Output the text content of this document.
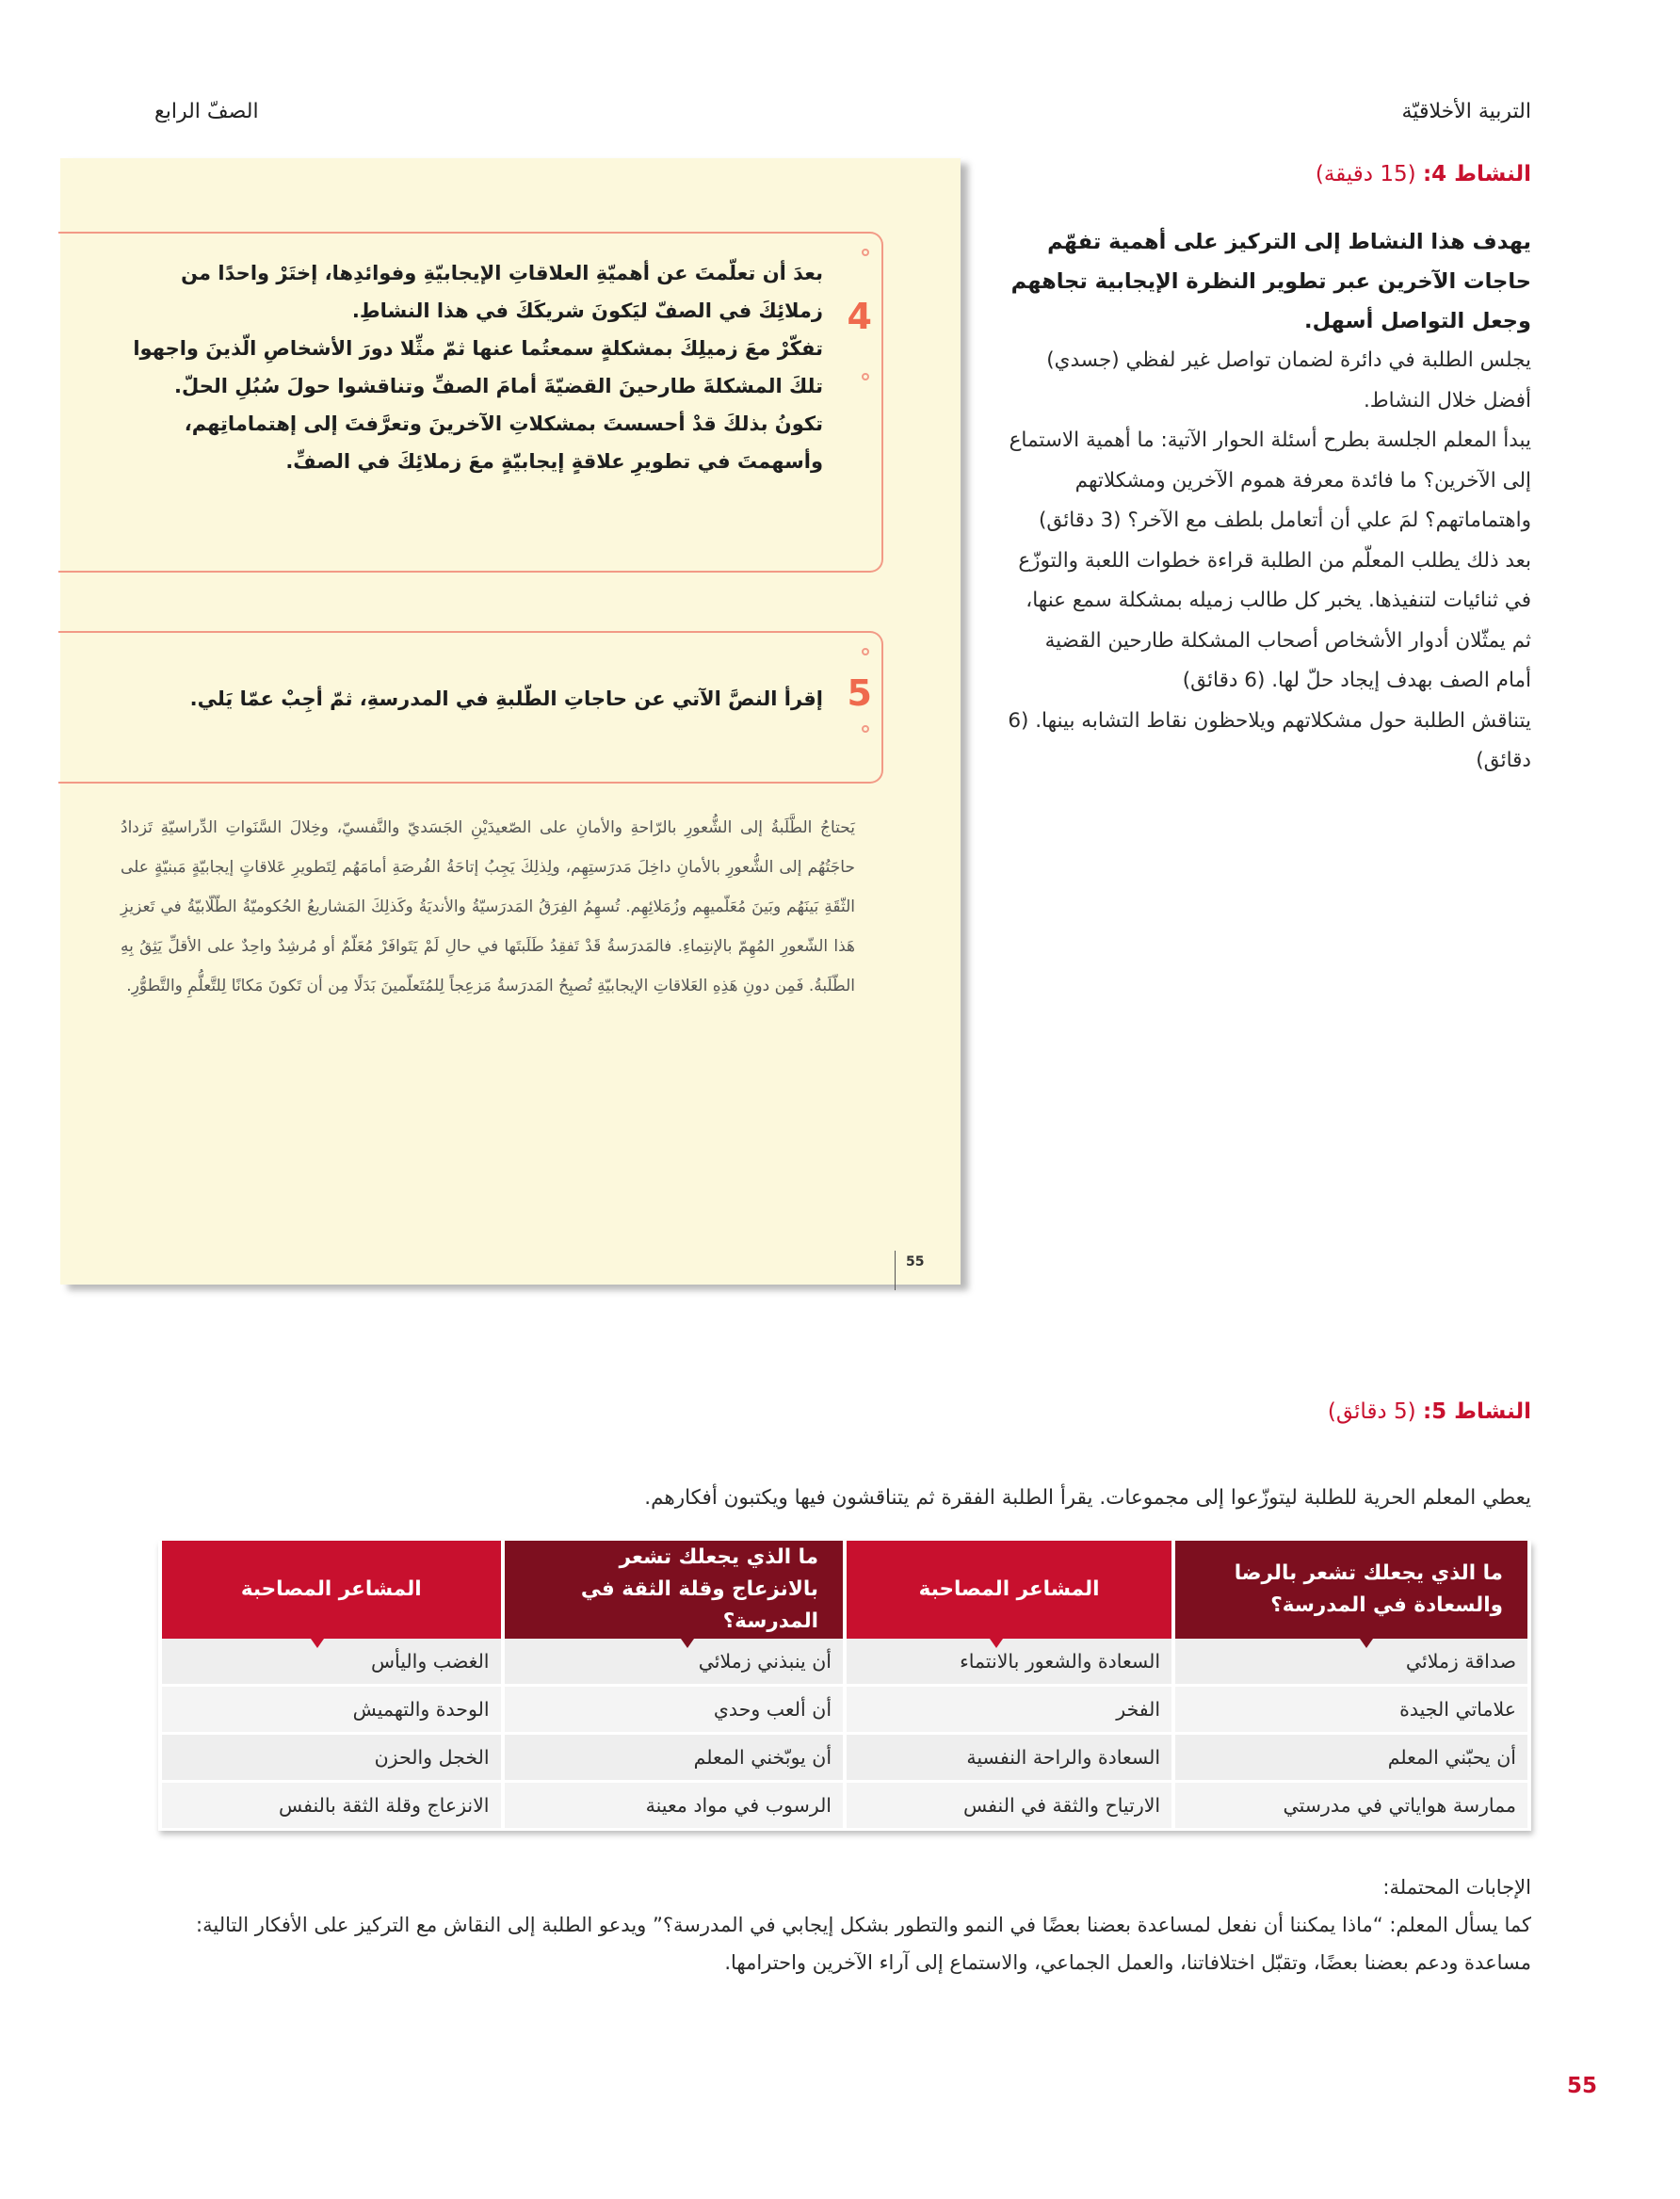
التربية الأخلاقيّة
الصفّ الرابع
النشاط 4: (15 دقيقة)
يهدف هذا النشاط إلى التركيز على أهمية تفهّم حاجات الآخرين عبر تطوير النظرة الإيجابية تجاههم وجعل التواصل أسهل.
يجلس الطلبة في دائرة لضمان تواصل غير لفظي (جسدي) أفضل خلال النشاط.
يبدأ المعلم الجلسة بطرح أسئلة الحوار الآتية: ما أهمية الاستماع إلى الآخرين؟ ما فائدة معرفة هموم الآخرين ومشكلاتهم واهتماماتهم؟ لمَ علي أن أتعامل بلطف مع الآخر؟ (3 دقائق)
بعد ذلك يطلب المعلّم من الطلبة قراءة خطوات اللعبة والتوزّع في ثنائيات لتنفيذها. يخبر كل طالب زميله بمشكلة سمع عنها، ثم يمثّلان أدوار الأشخاص أصحاب المشكلة طارحين القضية أمام الصف بهدف إيجاد حلّ لها. (6 دقائق)
يتناقش الطلبة حول مشكلاتهم ويلاحظون نقاط التشابه بينها. (6 دقائق)
4
بعدَ أن تعلّمتَ عن أهميّةِ العلاقاتِ الإيجابيّةِ وفوائدِها، إختَرْ واحدًا من زملائِكَ في الصفّ ليَكونَ شريكَكَ في هذا النشاطِ.
تفكّرْ معَ زميلِكَ بمشكلةٍ سمعتُما عنها ثمّ مثِّلا دورَ الأشخاصِ الّذينَ واجهوا تلكَ المشكلةَ طارحينَ القضيّةَ أمامَ الصفِّ وتناقشوا حولَ سُبُلِ الحلّ.
تكونُ بذلكَ قدْ أحسستَ بمشكلاتِ الآخرينَ وتعرَّفتَ إلى إهتماماتِهم، وأسهمتَ في تطويرِ علاقةٍ إيجابيّةٍ معَ زملائِكَ في الصفِّ.
5
إقرأ النصَّ الآتي عن حاجاتِ الطّلبةِ في المدرسةِ، ثمّ أجِبْ عمّا يَلي.
يَحتاجُ الطَّلَبةُ إلى الشُّعورِ بالرّاحةِ والأمانِ على الصّعيدَيْنِ الجَسَديّ والنَّفسيّ، وخِلالَ السَّنَواتِ الدِّراسيّةِ تَزدادُ حاجَتُهُم إلى الشُّعورِ بالأمانِ داخِلَ مَدرَستِهِم، ولِذلِكَ يَجِبُ إتاحَةُ الفُرصَةِ أمامَهُم لِتَطويرِ عَلاقاتٍ إيجابيّةٍ مَبنيّةٍ على الثّقَةِ بَينَهُم وبَينَ مُعَلّميهِم وزُمَلائِهِم. تُسهِمُ الفِرَقُ المَدرَسيّةُ والأنديَةُ وكَذلِكَ المَشاريعُ الحُكوميّةُ الطّلّابيّةُ في تَعزيزِ هَذا الشّعورِ المُهِمّ بالإنتِماءِ. فالمَدرَسةُ قَدْ تَفقِدُ طَلَبتَها في حالِ لَمْ يَتَوافَرْ مُعَلّمٌ أو مُرشِدٌ واحِدٌ على الأقلِّ يَثِقُ بِهِ الطّلَبةُ. فَمِن دونِ هَذِهِ العَلاقاتِ الإيجابيّةِ تُصبِحُ المَدرَسةُ مَزعِجاً لِلمُتَعلّمينَ بَدَلًا مِن أن تَكونَ مَكانًا لِلتَّعلُّمِ والتَّطوُّرِ.
55
النشاط 5: (5 دقائق)
يعطي المعلم الحرية للطلبة ليتوزّعوا إلى مجموعات. يقرأ الطلبة الفقرة ثم يتناقشون فيها ويكتبون أفكارهم.
ما الذي يجعلك تشعر بالرضا والسعادة في المدرسة؟	المشاعر المصاحبة	ما الذي يجعلك تشعر بالانزعاج وقلة الثقة في المدرسة؟	المشاعر المصاحبة
صداقة زملائي	السعادة والشعور بالانتماء	أن ينبذني زملائي	الغضب واليأس
علاماتي الجيدة	الفخر	أن ألعب وحدي	الوحدة والتهميش
أن يحبّني المعلم	السعادة والراحة النفسية	أن يوبّخني المعلم	الخجل والحزن
ممارسة هواياتي في مدرستي	الارتياح والثقة في النفس	الرسوب في مواد معينة	الانزعاج وقلة الثقة بالنفس
الإجابات المحتملة:
كما يسأل المعلم: “ماذا يمكننا أن نفعل لمساعدة بعضنا بعضًا في النمو والتطور بشكل إيجابي في المدرسة؟” ويدعو الطلبة إلى النقاش مع التركيز على الأفكار التالية: مساعدة ودعم بعضنا بعضًا، وتقبّل اختلافاتنا، والعمل الجماعي، والاستماع إلى آراء الآخرين واحترامها.
55
